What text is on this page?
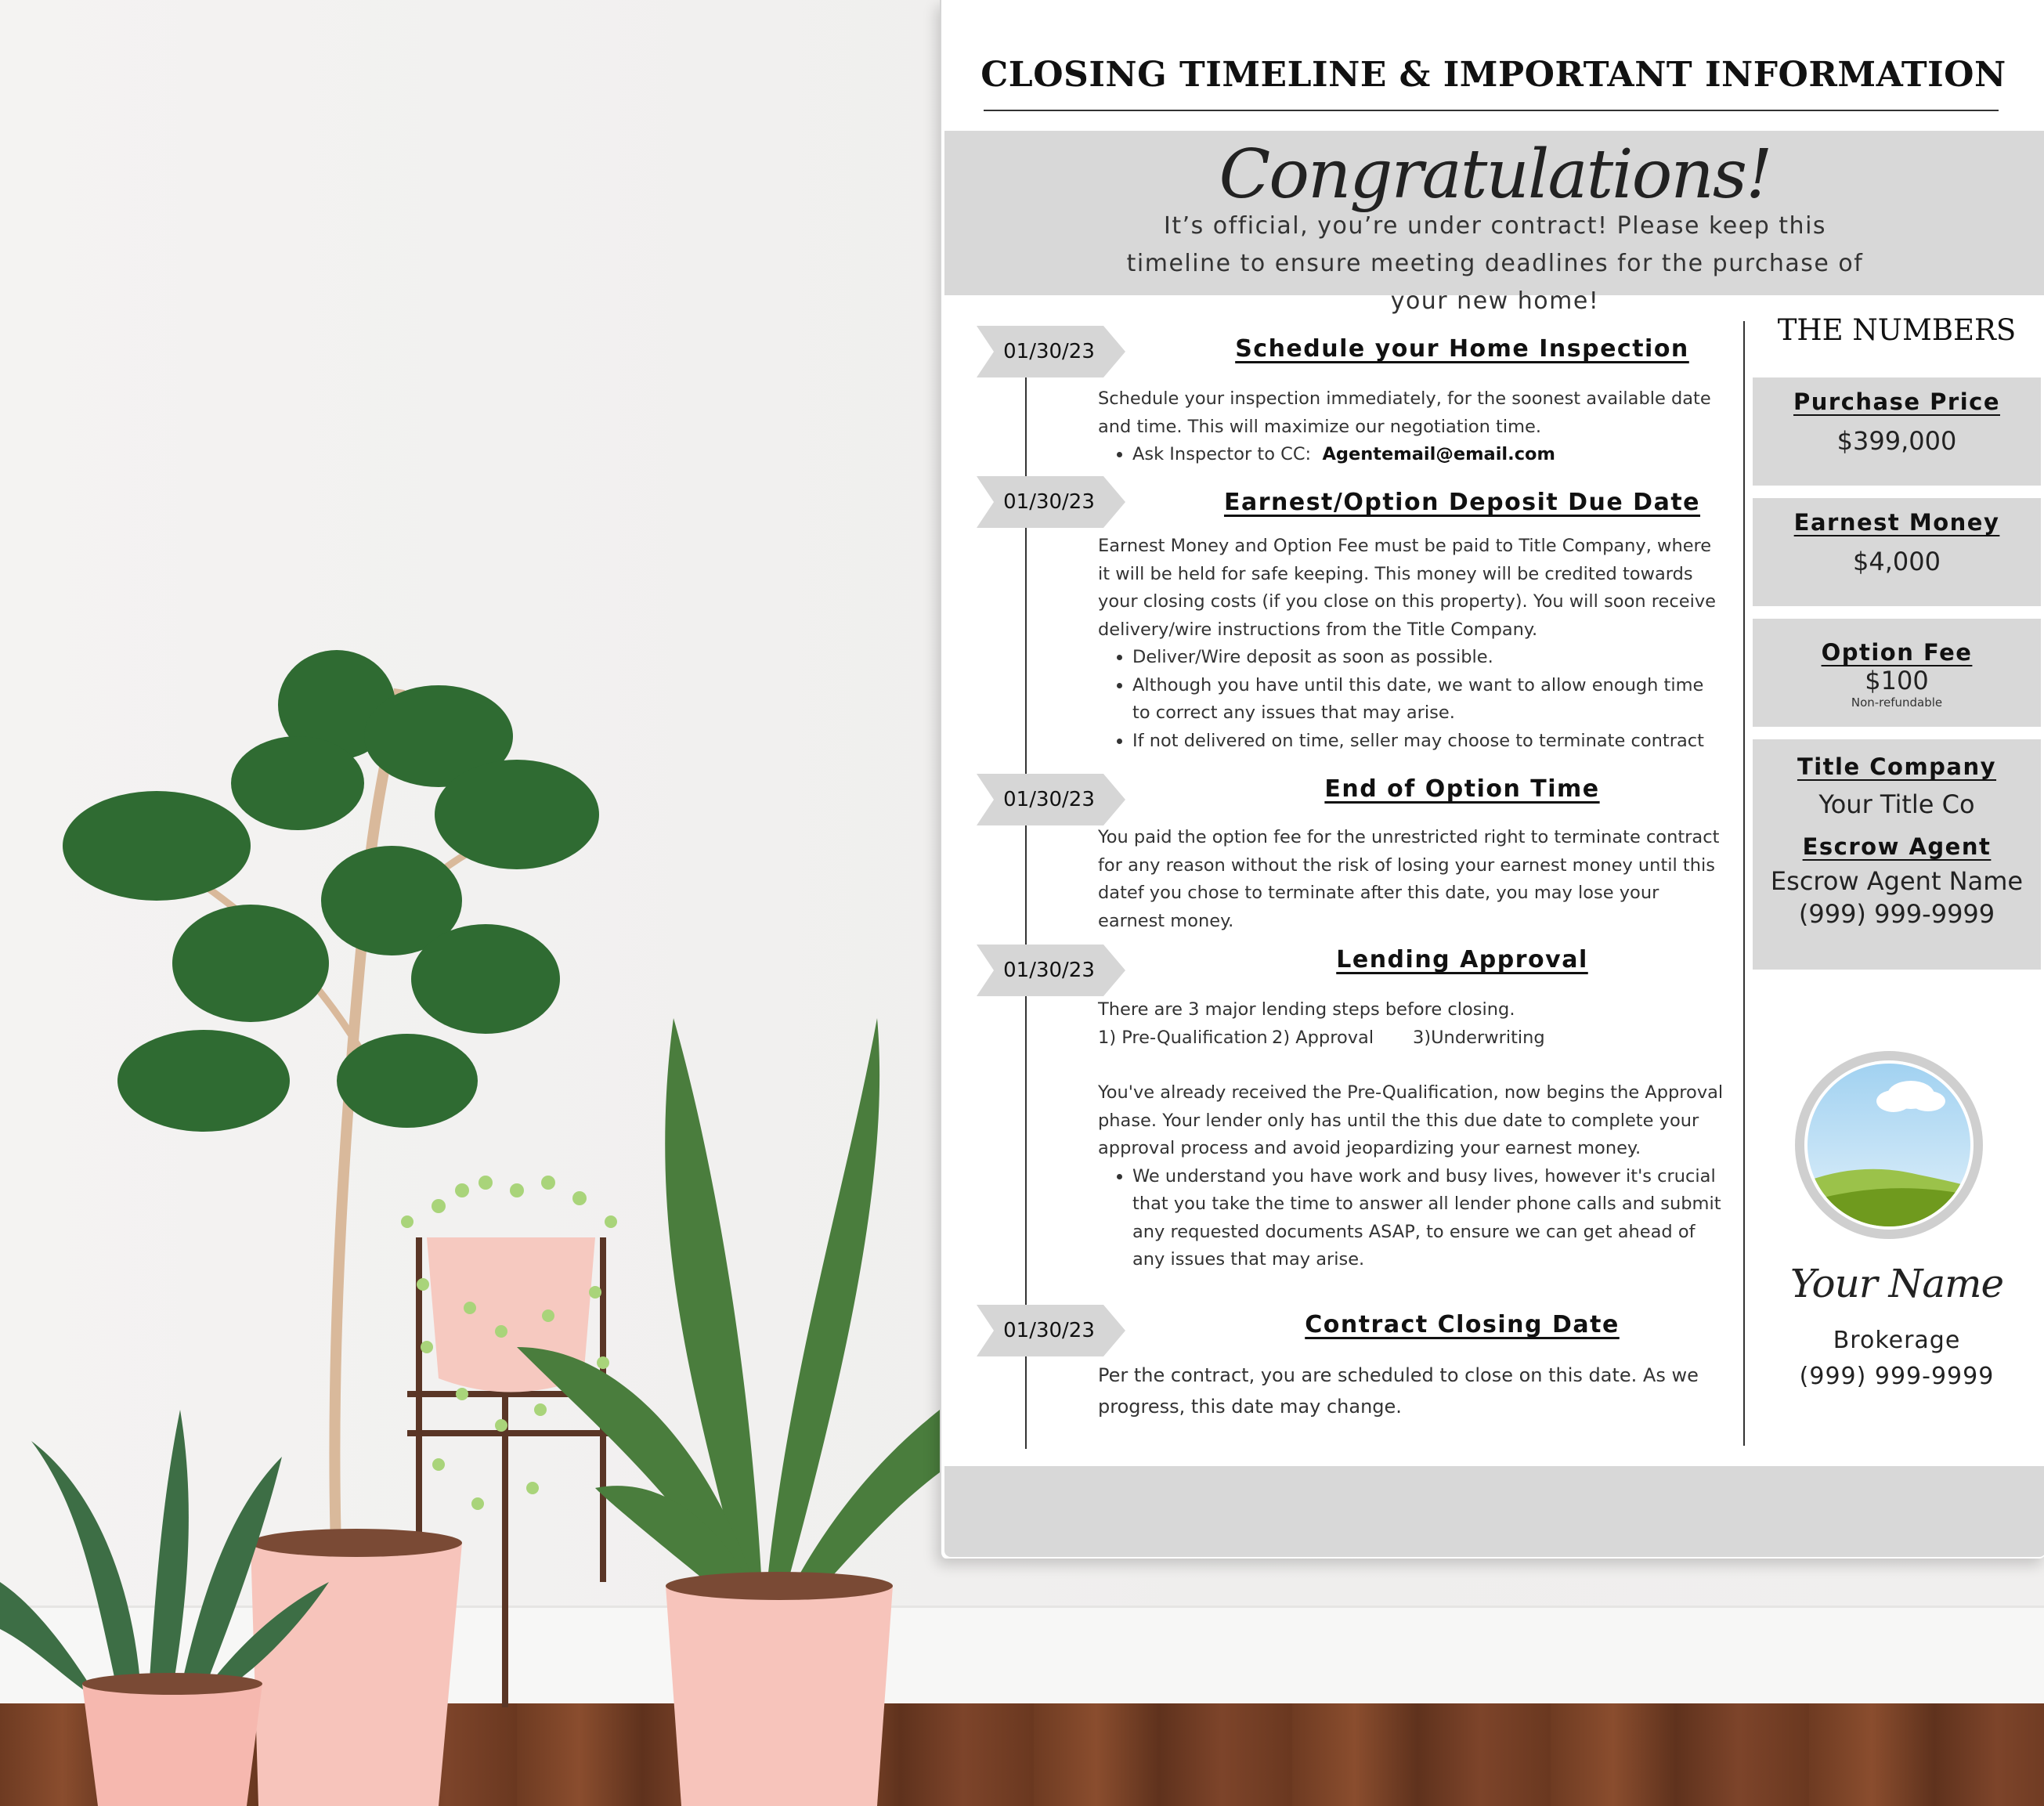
CLOSING TIMELINE & IMPORTANT INFORMATION
Congratulations!
It’s official, you’re under contract! Please keep this timeline to ensure meeting deadlines for the purchase of your new home!
01/30/23	Schedule your Home Inspection

Schedule your inspection immediately, for the soonest available date and time. This will maximize our negotiation time.

• Ask Inspector to CC: Agentemail@email.com
01/30/23	Earnest/Option Deposit Due Date

Earnest Money and Option Fee must be paid to Title Company, where it will be held for safe keeping. This money will be credited towards your closing costs (if you close on this property). You will soon receive delivery/wire instructions from the Title Company.

• Deliver/Wire deposit as soon as possible.
• Although you have until this date, we want to allow enough time to correct any issues that may arise.
• If not delivered on time, seller may choose to terminate contract
01/30/23	End of Option Time

You paid the option fee for the unrestricted right to terminate contract for any reason without the risk of losing your earnest money until this datef you chose to terminate after this date, you may lose your earnest money.

01/30/23	Lending Approval

There are 3 major lending steps before closing.

1) Pre-Qualification 2) Approval 3)Underwriting

You've already received the Pre-Qualification, now begins the Approval phase. Your lender only has until the this due date to complete your approval process and avoid jeopardizing your earnest money.

• We understand you have work and busy lives, however it's crucial that you take the time to answer all lender phone calls and submit any requested documents ASAP, to ensure we can get ahead of any issues that may arise.
01/30/23	Contract Closing Date

Per the contract, you are scheduled to close on this date. As we progress, this date may change.

THE NUMBERS
Purchase Price
$399,000
Earnest Money
$4,000
Option Fee
$100
Non-refundable
Title Company
Your Title Co
Escrow Agent
Escrow Agent Name
(999) 999-9999
Your Name
Brokerage
(999) 999-9999
